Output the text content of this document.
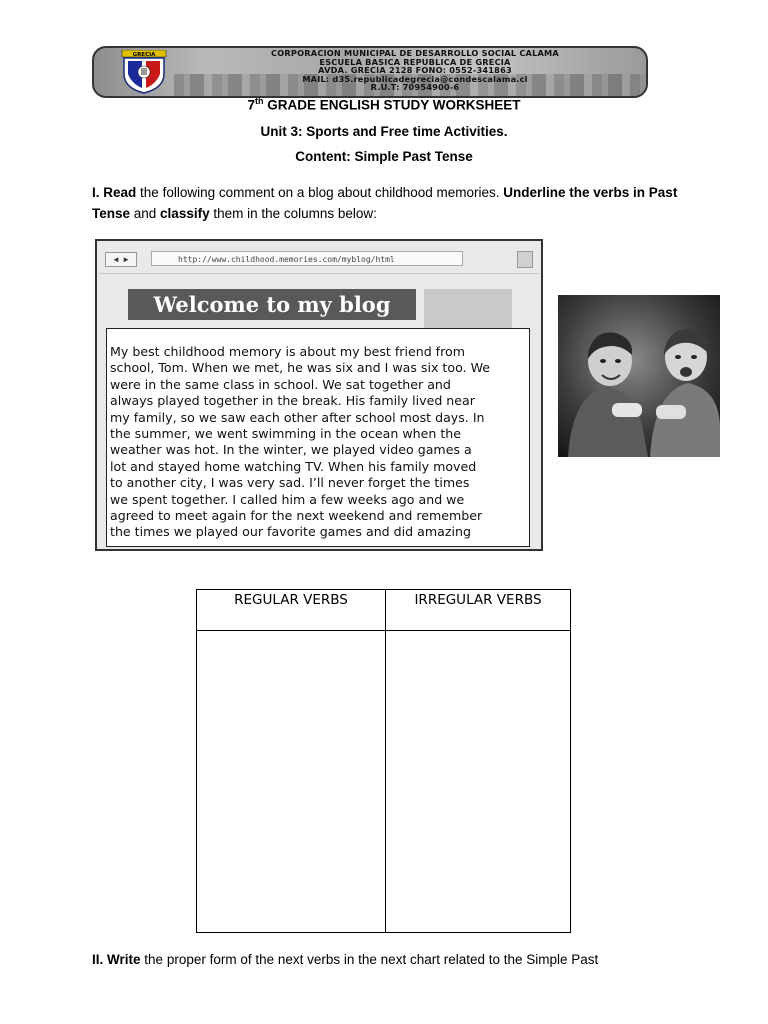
GRECIA	CORPORACION MUNICIPAL DE DESARROLLO SOCIAL CALAMA
ESCUELA BASICA REPUBLICA DE GRECIA
AVDA. GRECIA 2128 FONO: 0552-341863
MAIL: d35.republicadegrecia@condescalama.cl
R.U.T: 70954900-6
7th GRADE ENGLISH STUDY WORKSHEET
Unit 3: Sports and Free time Activities.
Content: Simple Past Tense
I. Read the following comment on a blog about childhood memories. Underline the verbs in Past Tense and classify them in the columns below:
◄ ►	http://www.childhood.memories.com/myblog/html
Welcome to my blog
My best childhood memory is about my best friend from
school, Tom. When we met, he was six and I was six too. We
were in the same class in school. We sat together and
always played together in the break. His family lived near
my family, so we saw each other after school most days. In
the summer, we went swimming in the ocean when the
weather was hot. In the winter, we played video games a
lot and stayed home watching TV. When his family moved
to another city, I was very sad. I’ll never forget the times
we spent together. I called him a few weeks ago and we
agreed to meet again for the next weekend and remember
the times we played our favorite games and did amazing
REGULAR VERBS	IRREGULAR VERBS

II. Write the proper form of the next verbs in the next chart related to the Simple Past
